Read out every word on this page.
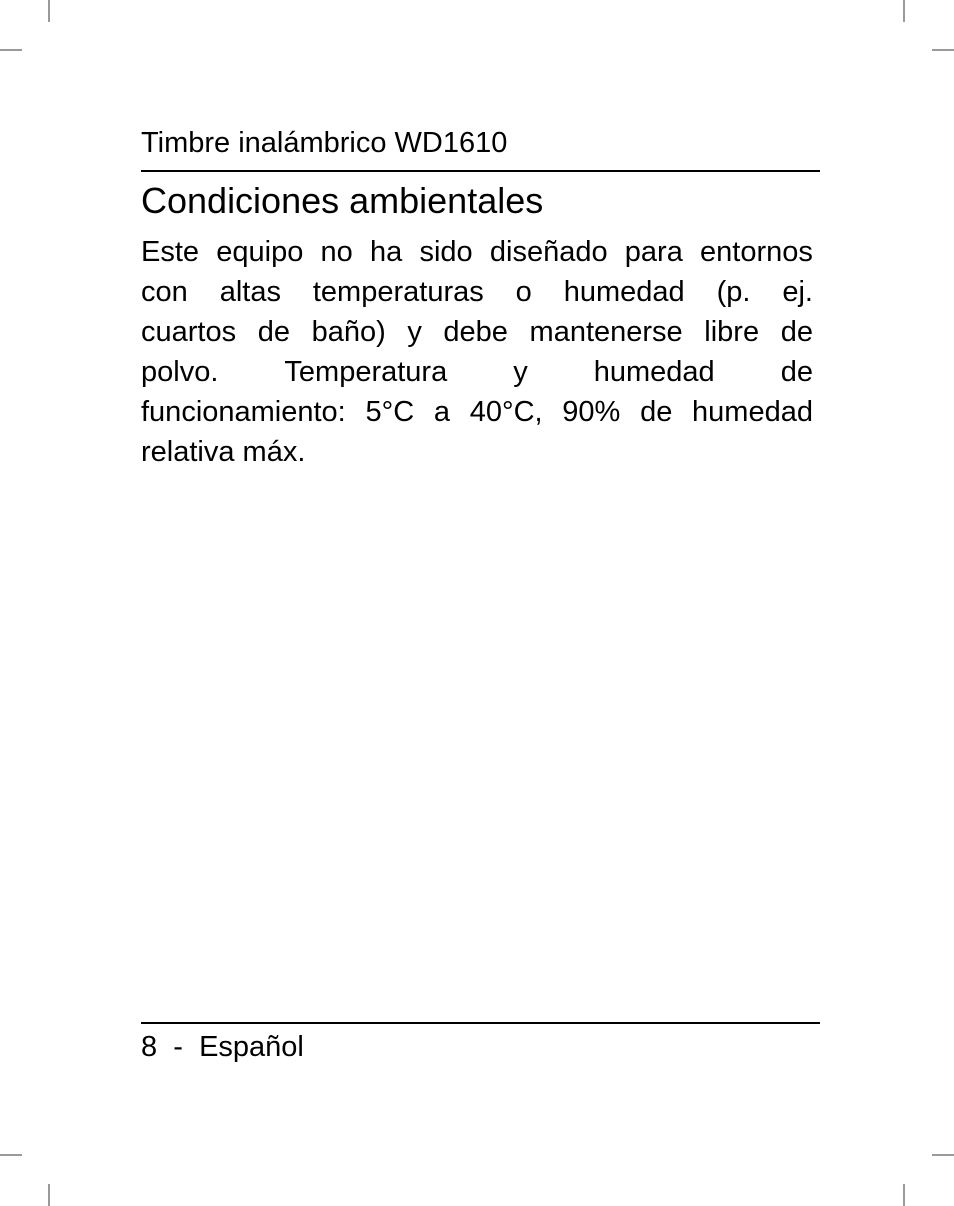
Timbre inalámbrico WD1610
Condiciones ambientales
Este equipo no ha sido diseñado para entornos
con altas temperaturas o humedad (p. ej.
cuartos de baño) y debe mantenerse libre de
polvo. Temperatura y humedad de
funcionamiento: 5°C a 40°C, 90% de humedad
relativa máx.
8 - Español
